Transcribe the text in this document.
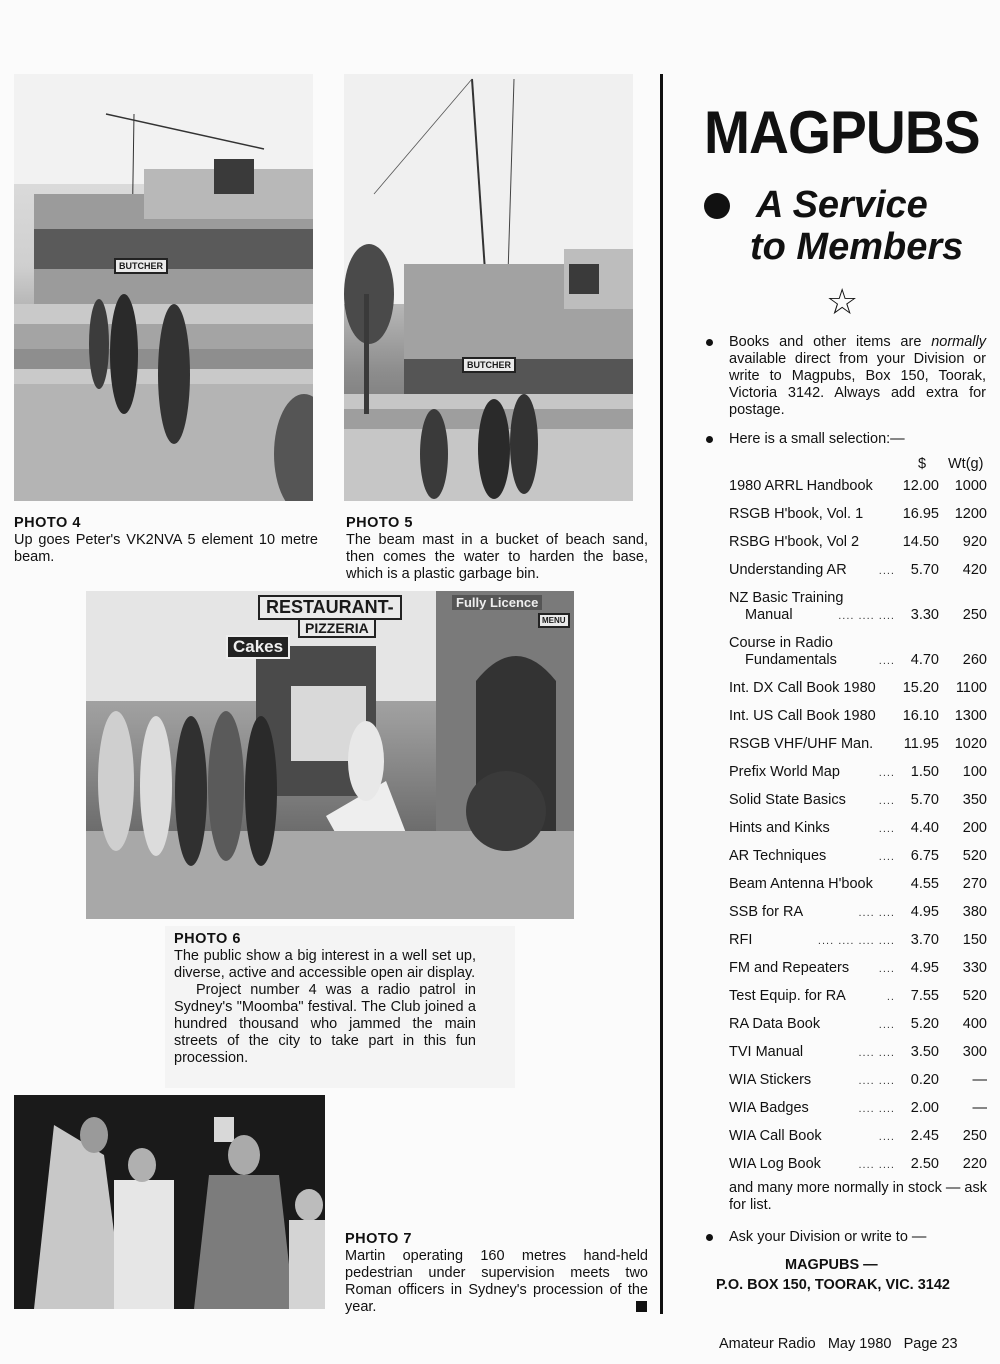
BUTCHER
PHOTO 4

Up goes Peter's VK2NVA 5 element 10 metre beam.

BUTCHER
PHOTO 5

The beam mast in a bucket of beach sand, then comes the water to harden the base, which is a plastic garbage bin.

RESTAURANT-
PIZZERIA
Cakes
Fully Licence
MENU
PHOTO 6

The public show a big interest in a well set up, diverse, active and accessible open air display.

Project number 4 was a radio patrol in Sydney's "Moomba" festival. The Club joined a hundred thousand who jammed the main streets of the city to take part in this fun procession.

PHOTO 7

Martin operating 160 metres hand-held pedestrian under supervision meets two Roman officers in Sydney's procession of the year.

MAGPUBS
A Service
to Members
☆

Books and other items are normally available direct from your Division or write to Magpubs, Box 150, Toorak, Victoria 3142. Always add extra for postage.

Here is a small selection:—
$ Wt(g)
1980 ARRL Handbook 12.00 1000
RSGB H'book, Vol. 1	16.95 1200
RSBG H'book, Vol 2	14.50 920
Understanding AR	.... 5.70 420
NZ Basic Training
Manual	.... .... .... 3.30 250
Course in Radio
Fundamentals	.... 4.70 260
Int. DX Call Book 1980 15.20 1100
Int. US Call Book 1980 16.10 1300
RSGB VHF/UHF Man. 11.95 1020
Prefix World Map	.... 1.50 100
Solid State Basics	.... 5.70 350
Hints and Kinks	.... 4.40 200
AR Techniques	.... 6.75 520
Beam Antenna H'book	4.55 270
SSB for RA	.... .... 4.95 380
RFI	.... .... .... .... 3.70 150
FM and Repeaters	.... 4.95 330
Test Equip. for RA	.. 7.55 520
RA Data Book	.... 5.20 400
TVI Manual	.... .... 3.50 300
WIA Stickers	.... .... 0.20 —
WIA Badges	.... .... 2.00 —
WIA Call Book	.... 2.45 250
WIA Log Book	.... .... 2.50 220

and many more normally in stock — ask for list.

Ask your Division or write to —
MAGPUBS —
P.O. BOX 150, TOORAK, VIC. 3142
Amateur Radio May 1980 Page 23
